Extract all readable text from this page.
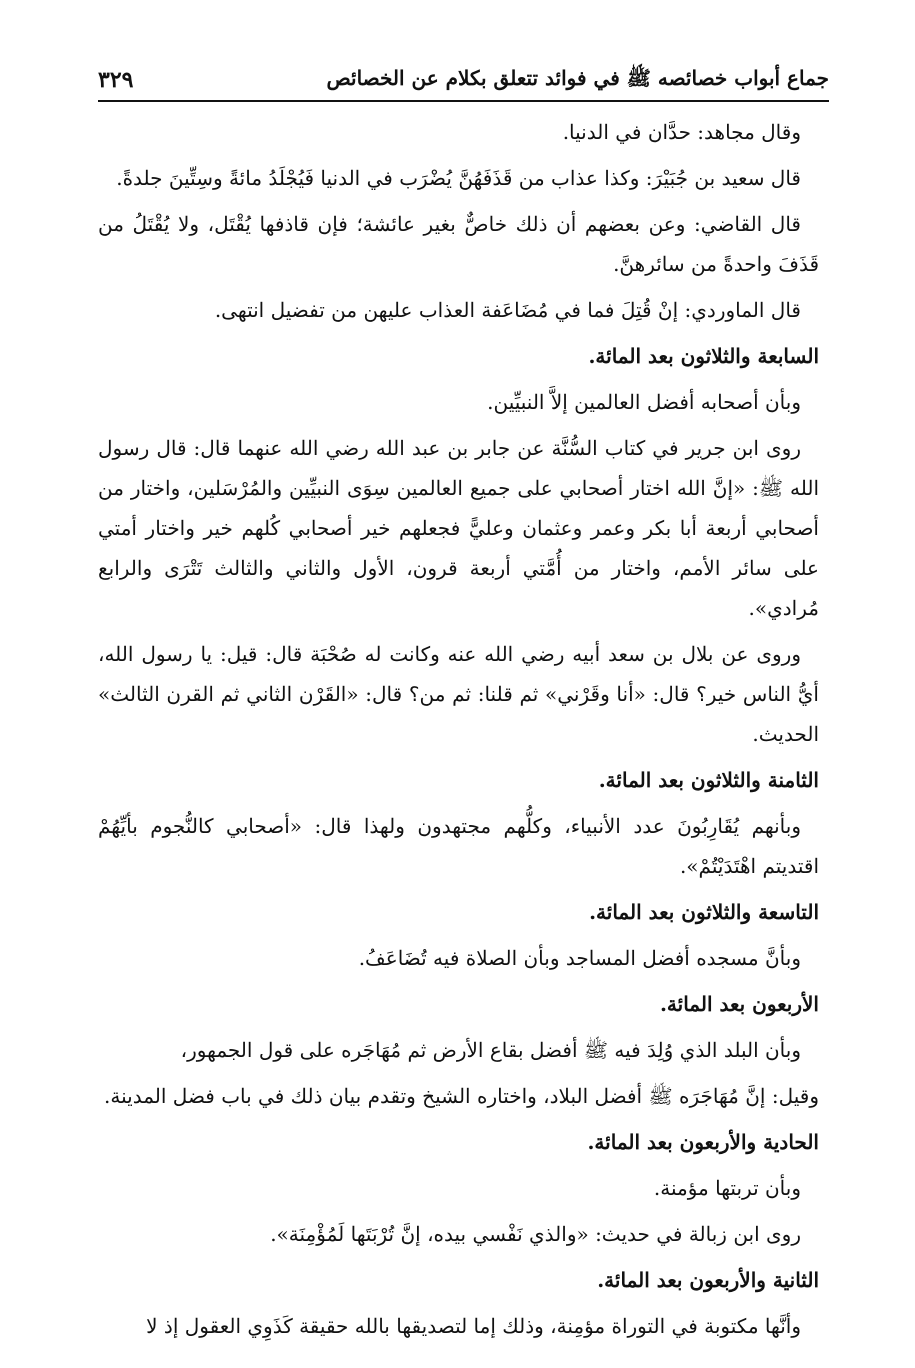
جماع أبواب خصائصه ﷺ في فوائد تتعلق بكلام عن الخصائص
٣٢٩

وقال مجاهد: حدَّان في الدنيا.

قال سعيد بن جُبَيْرَ: وكذا عذاب من قَذَفَهُنَّ يُضْرَب في الدنيا فَيُجْلَدُ مائةً وسِتِّينَ جلدةً.

قال القاضي: وعن بعضهم أن ذلك خاصٌّ بغير عائشة؛ فإن قاذفها يُقْتَل، ولا يُقْتَلُ من قَذَفَ واحدةً من سائرهنَّ.

قال الماوردي: إنْ قُتِلَ فما في مُضَاعَفة العذاب عليهن من تفضيل انتهى.

السابعة والثلاثون بعد المائة.

وبأن أصحابه أفضل العالمين إلاَّ النبيِّين.

روى ابن جرير في كتاب السُّنَّة عن جابر بن عبد الله رضي الله عنهما قال: قال رسول الله ﷺ: «إنَّ الله اختار أصحابي على جميع العالمين سِوَى النبيِّين والمُرْسَلين، واختار من أصحابي أربعة أبا بكر وعمر وعثمان وعليًّ فجعلهم خير أصحابي كُلهم خير واختار أمتي على سائر الأمم، واختار من أُمَّتي أربعة قرون، الأول والثاني والثالث تَتْرَى والرابع مُرادي».

وروى عن بلال بن سعد أبيه رضي الله عنه وكانت له صُحْبَة قال: قيل: يا رسول الله، أيُّ الناس خير؟ قال: «أنا وقَرْني» ثم قلنا: ثم من؟ قال: «القَرْن الثاني ثم القرن الثالث» الحديث.

الثامنة والثلاثون بعد المائة.

وبأنهم يُقَارِبُونَ عدد الأنبياء، وكلُّهم مجتهدون ولهذا قال: «أصحابي كالنُّجوم بأيِّهُمْ اقتديتم اهْتَدَيْتُمْ».

التاسعة والثلاثون بعد المائة.

وبأنَّ مسجده أفضل المساجد وبأن الصلاة فيه تُضَاعَفُ.

الأربعون بعد المائة.

وبأن البلد الذي وُلِدَ فيه ﷺ أفضل بقاع الأرض ثم مُهَاجَره على قول الجمهور،

وقيل: إنَّ مُهَاجَرَه ﷺ أفضل البلاد، واختاره الشيخ وتقدم بيان ذلك في باب فضل المدينة.

الحادية والأربعون بعد المائة.

وبأن تربتها مؤمنة.

روى ابن زبالة في حديث: «والذي نَفْسي بيده، إنَّ تُرْبَتَها لَمُؤْمِنَة».

الثانية والأربعون بعد المائة.

وأنَّها مكتوبة في التوراة مؤمِنة، وذلك إما لتصديقها بالله حقيقة كَذَوِي العقول إذ لا
